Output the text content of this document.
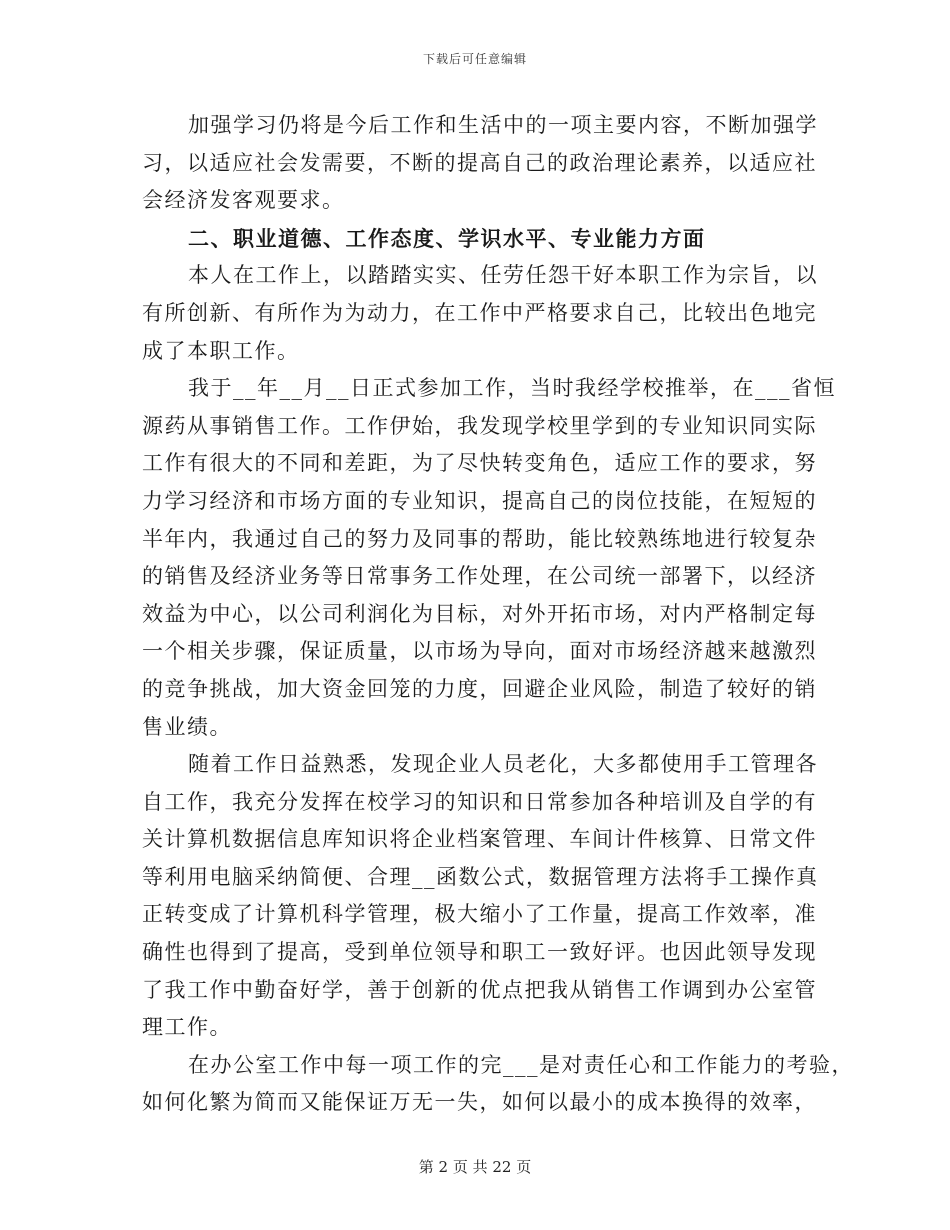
下载后可任意编辑
加强学习仍将是今后工作和生活中的一项主要内容，不断加强学
习，以适应社会发需要，不断的提高自己的政治理论素养，以适应社
会经济发客观要求。
二、职业道德、工作态度、学识水平、专业能力方面
本人在工作上，以踏踏实实、任劳任怨干好本职工作为宗旨，以
有所创新、有所作为为动力，在工作中严格要求自己，比较出色地完
成了本职工作。
我于__年__月__日正式参加工作，当时我经学校推举，在___省恒
源药从事销售工作。工作伊始，我发现学校里学到的专业知识同实际
工作有很大的不同和差距，为了尽快转变角色，适应工作的要求，努
力学习经济和市场方面的专业知识，提高自己的岗位技能，在短短的
半年内，我通过自己的努力及同事的帮助，能比较熟练地进行较复杂
的销售及经济业务等日常事务工作处理，在公司统一部署下，以经济
效益为中心，以公司利润化为目标，对外开拓市场，对内严格制定每
一个相关步骤，保证质量，以市场为导向，面对市场经济越来越激烈
的竞争挑战，加大资金回笼的力度，回避企业风险，制造了较好的销
售业绩。
随着工作日益熟悉，发现企业人员老化，大多都使用手工管理各
自工作，我充分发挥在校学习的知识和日常参加各种培训及自学的有
关计算机数据信息库知识将企业档案管理、车间计件核算、日常文件
等利用电脑采纳简便、合理__函数公式，数据管理方法将手工操作真
正转变成了计算机科学管理，极大缩小了工作量，提高工作效率，准
确性也得到了提高，受到单位领导和职工一致好评。也因此领导发现
了我工作中勤奋好学，善于创新的优点把我从销售工作调到办公室管
理工作。
在办公室工作中每一项工作的完___是对责任心和工作能力的考验，
如何化繁为简而又能保证万无一失，如何以最小的成本换得的效率，
第 2 页 共 22 页
